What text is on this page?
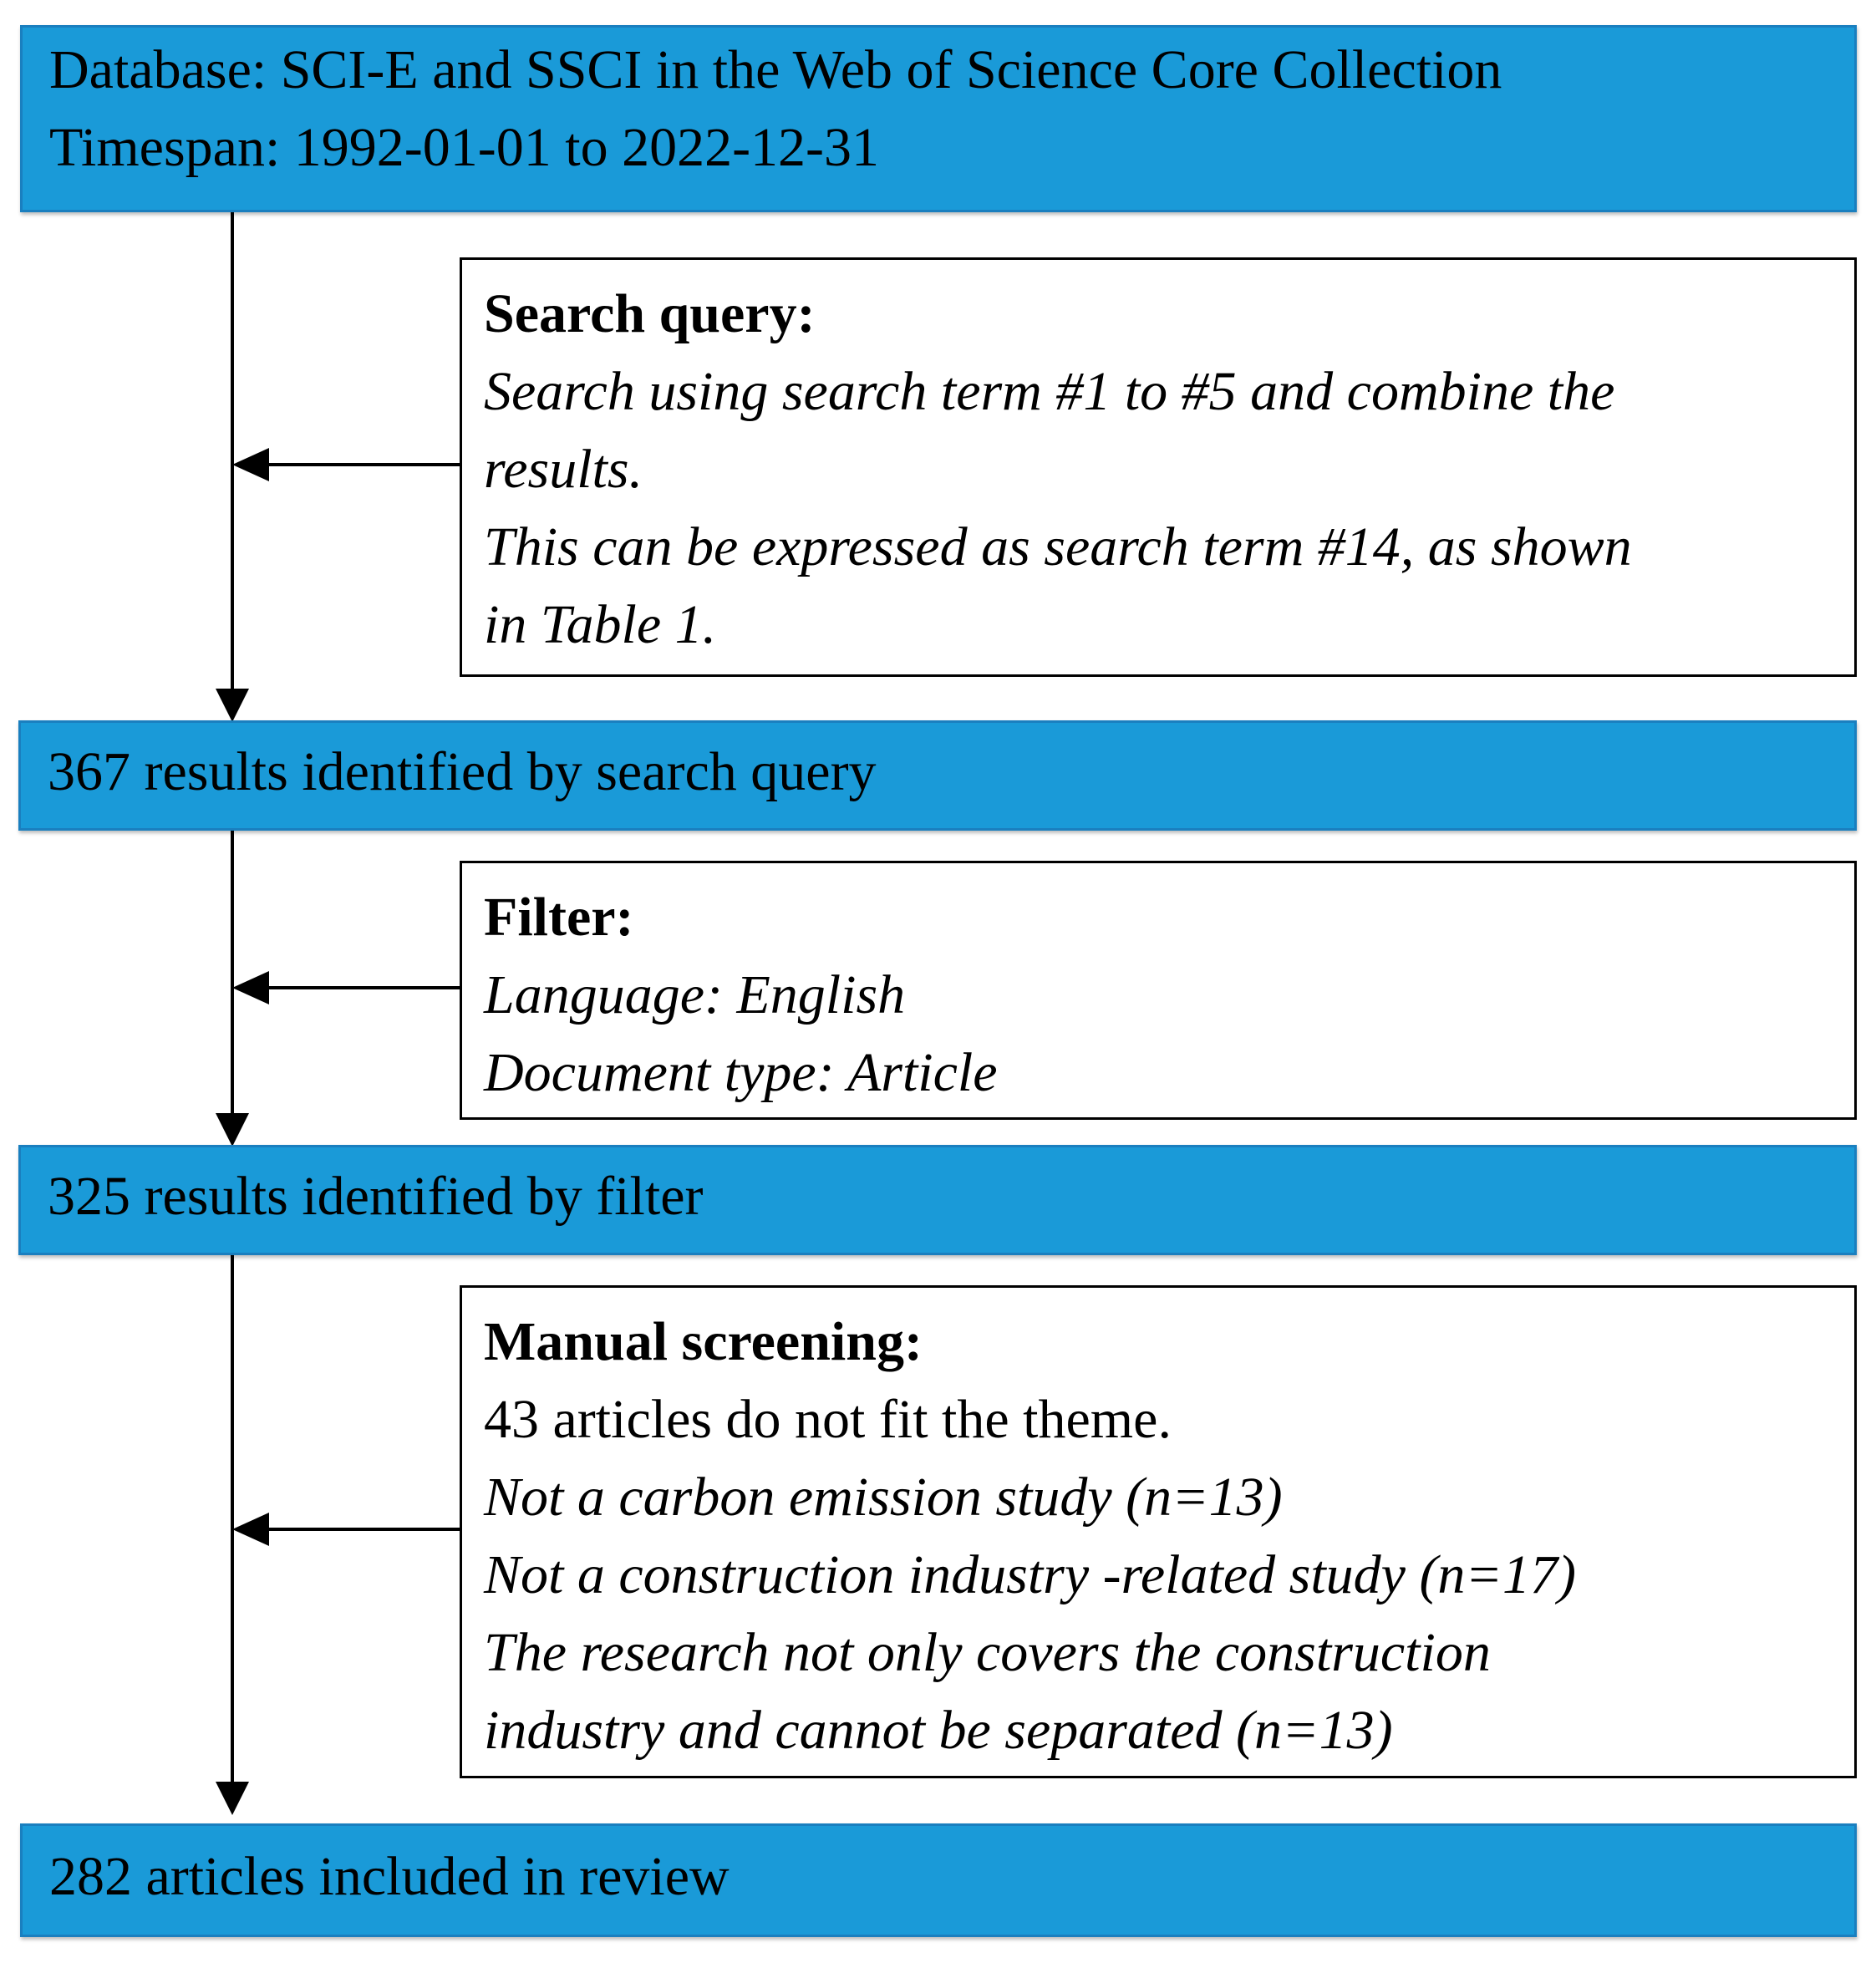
Database: SCI-E and SSCI in the Web of Science Core Collection
Timespan: 1992-01-01 to 2022-12-31
Search query:
Search using search term #1 to #5 and combine the
results.
This can be expressed as search term #14, as shown
in Table 1.
367 results identified by search query
Filter:
Language: English
Document type: Article
325 results identified by filter
Manual screening:
43 articles do not fit the theme.
Not a carbon emission study (n=13)
Not a construction industry -related study (n=17)
The research not only covers the construction
industry and cannot be separated (n=13)
282 articles included in review
